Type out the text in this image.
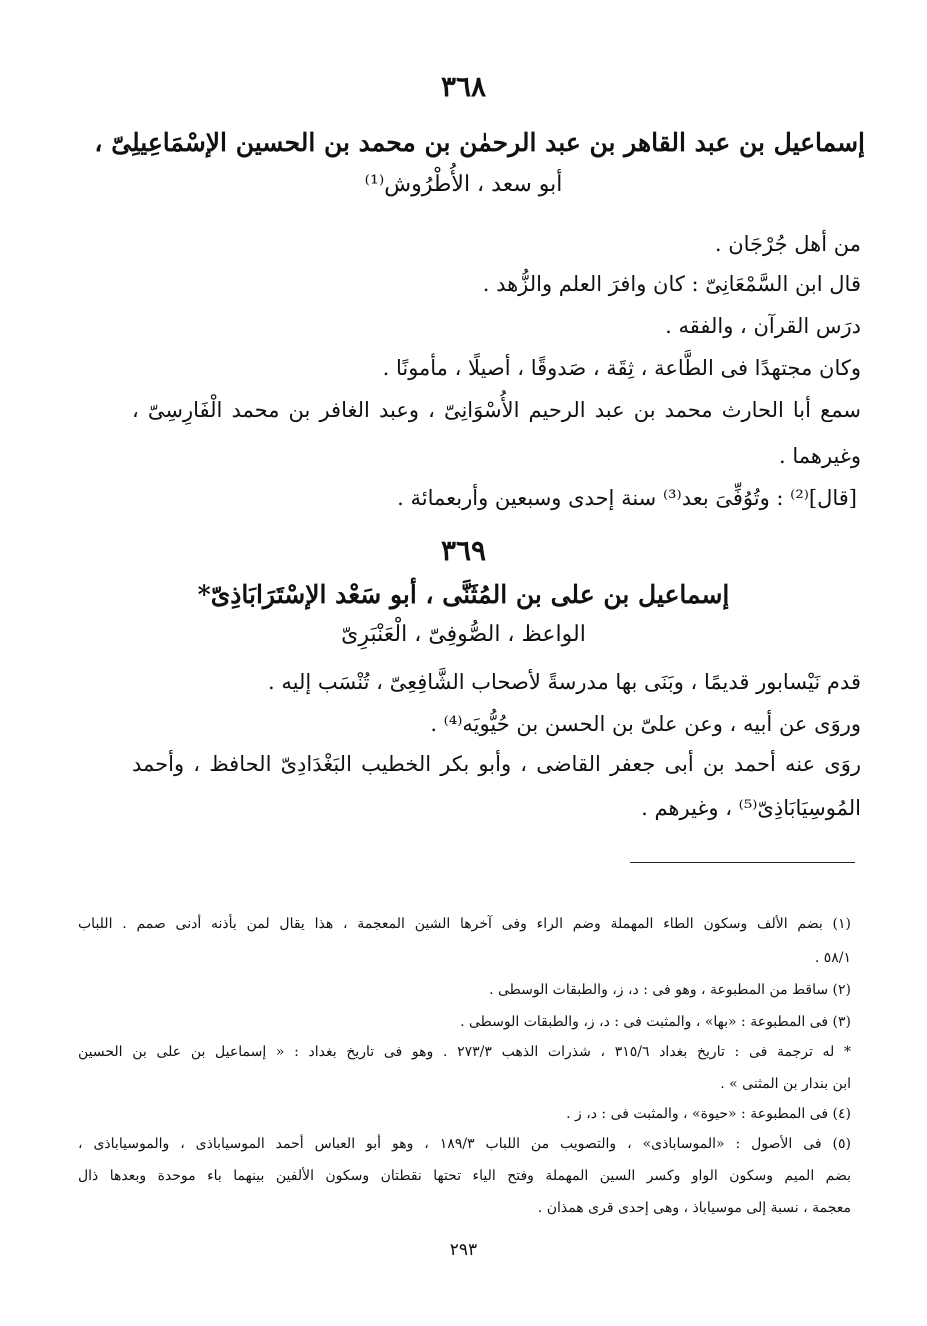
٣٦٨
إسماعيل بن عبد القاهر بن عبد الرحمٰن بن محمد بن الحسين الإسْمَاعِيلِىّ ،
أبو سعد ، الأُطْرُوش⁽¹⁾
من أهل جُرْجَان .
قال ابن السَّمْعَانِىّ : كان وافرَ العلم والزُّهد .
درَس القرآن ، والفقه .
وكان مجتهدًا فى الطَّاعة ، ثِقَة ، صَدوقًا ، أصيلًا ، مأمونًا .
سمع أبا الحارث محمد بن عبد الرحيم الأُسْوَانِىّ ، وعبد الغافر بن محمد الْفَارِسِىّ ،
وغيرهما .
[قال]⁽²⁾ : وتُوُفِّىَ بعد⁽³⁾ سنة إحدى وسبعين وأربعمائة .
٣٦٩
إسماعيل بن على بن المُثَنَّى ، أبو سَعْد الإسْتَرَابَاذِىّ*
الواعظ ، الصُّوفِىّ ، الْعَنْبَرِىّ
قدم نَيْسابور قديمًا ، وبَنَى بها مدرسةً لأصحاب الشَّافِعِىّ ، تُنْسَب إليه .
وروَى عن أبيه ، وعن علىّ بن الحسن بن حُيُّويَه⁽⁴⁾ .
روَى عنه أحمد بن أبى جعفر القاضى ، وأبو بكر الخطيب البَغْدَادِىّ الحافظ ، وأحمد
المُوسِيَابَاذِىّ⁽⁵⁾ ، وغيرهم .
(١) بضم الألف وسكون الطاء المهملة وضم الراء وفى آخرها الشين المعجمة ، هذا يقال لمن بأذنه أدنى صمم . اللباب
٥٨/١ .
(٢) ساقط من المطبوعة ، وهو فى : د، ز، والطبقات الوسطى .
(٣) فى المطبوعة : «بها» ، والمثبت فى : د، ز، والطبقات الوسطى .
* له ترجمة فى : تاريخ بغداد ٣١٥/٦ ، شذرات الذهب ٢٧٣/٣ . وهو فى تاريخ بغداد : « إسماعيل بن على بن الحسين
ابن بندار بن المثنى » .
(٤) فى المطبوعة : «حيوة» ، والمثبت فى : د، ز .
(٥) فى الأصول : «الموساباذى» ، والتصويب من اللباب ١٨٩/٣ ، وهو أبو العباس أحمد الموسياباذى ، والموسياباذى ،
بضم الميم وسكون الواو وكسر السين المهملة وفتح الياء تحتها نقطتان وسكون الألفين بينهما باء موحدة وبعدها ذال
معجمة ، نسبة إلى موسياباذ ، وهى إحدى قرى همذان .
٢٩٣
